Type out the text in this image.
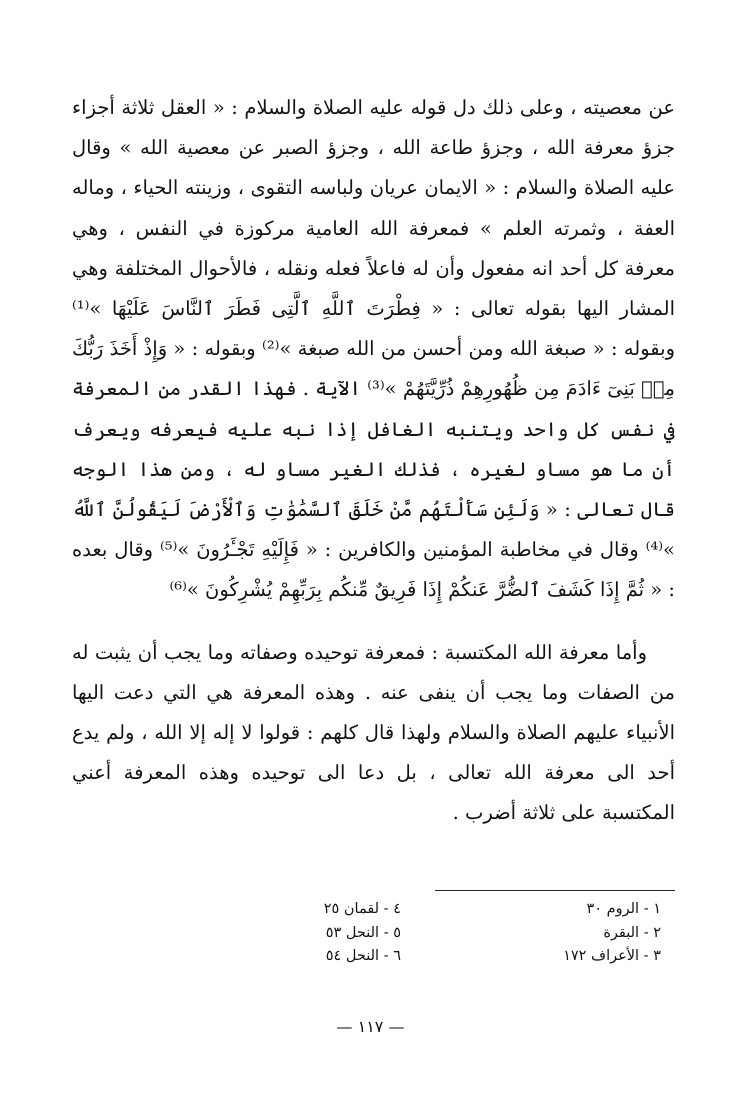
عن معصيته ، وعلى ذلك دل قوله عليه الصلاة والسلام : « العقل ثلاثة أجزاء جزؤ معرفة الله ، وجزؤ طاعة الله ، وجزؤ الصبر عن معصية الله » وقال عليه الصلاة والسلام : « الايمان عريان ولباسه التقوى ، وزينته الحياء ، وماله العفة ، وثمرته العلم » فمعرفة الله العامية مركوزة في النفس ، وهي معرفة كل أحد انه مفعول وأن له فاعلاً فعله ونقله ، فالأحوال المختلفة وهي المشار اليها بقوله تعالى : « فِطْرَتَ ٱللَّهِ ٱلَّتِى فَطَرَ ٱلنَّاسَ عَلَيْهَا »⁽¹⁾ وبقوله : « صبغة الله ومن أحسن من الله صبغة »⁽²⁾ وبقوله : « وَإِذْ أَخَذَ رَبُّكَ مِنۢ بَنِىٓ ءَادَمَ مِن ظُهُورِهِمْ ذُرِّيَّتَهُمْ »⁽³⁾ الآية . فهذا القدر من المعرفة في نفس كل واحد ويتنبه الغافل إذا نبه عليه فيعرفه ويعرف أن ما هو مساو لغيره ، فذلك الغير مساو له ، ومن هذا الوجه قال تعالى : « وَلَئِن سَأَلْتَهُم مَّنْ خَلَقَ ٱلسَّمَٰوَٰتِ وَٱلْأَرْضَ لَيَقُولُنَّ ٱللَّهُ »⁽⁴⁾ وقال في مخاطبة المؤمنين والكافرين : « فَإِلَيْهِ تَجْـَٔرُونَ »⁽⁵⁾ وقال بعده : « ثُمَّ إِذَا كَشَفَ ٱلضُّرَّ عَنكُمْ إِذَا فَرِيقٌ مِّنكُم بِرَبِّهِمْ يُشْرِكُونَ »⁽⁶⁾

وأما معرفة الله المكتسبة : فمعرفة توحيده وصفاته وما يجب أن يثبت له من الصفات وما يجب أن ينفى عنه . وهذه المعرفة هي التي دعت اليها الأنبياء عليهم الصلاة والسلام ولهذا قال كلهم : قولوا لا إله إلا الله ، ولم يدع أحد الى معرفة الله تعالى ، بل دعا الى توحيده وهذه المعرفة أعني المكتسبة على ثلاثة أضرب .

١ - الروم ٣٠
٢ - البقرة
٣ - الأعراف ١٧٢
٤ - لقمان ٢٥
٥ - النحل ٥٣
٦ - النحل ٥٤
— ١١٧ —
